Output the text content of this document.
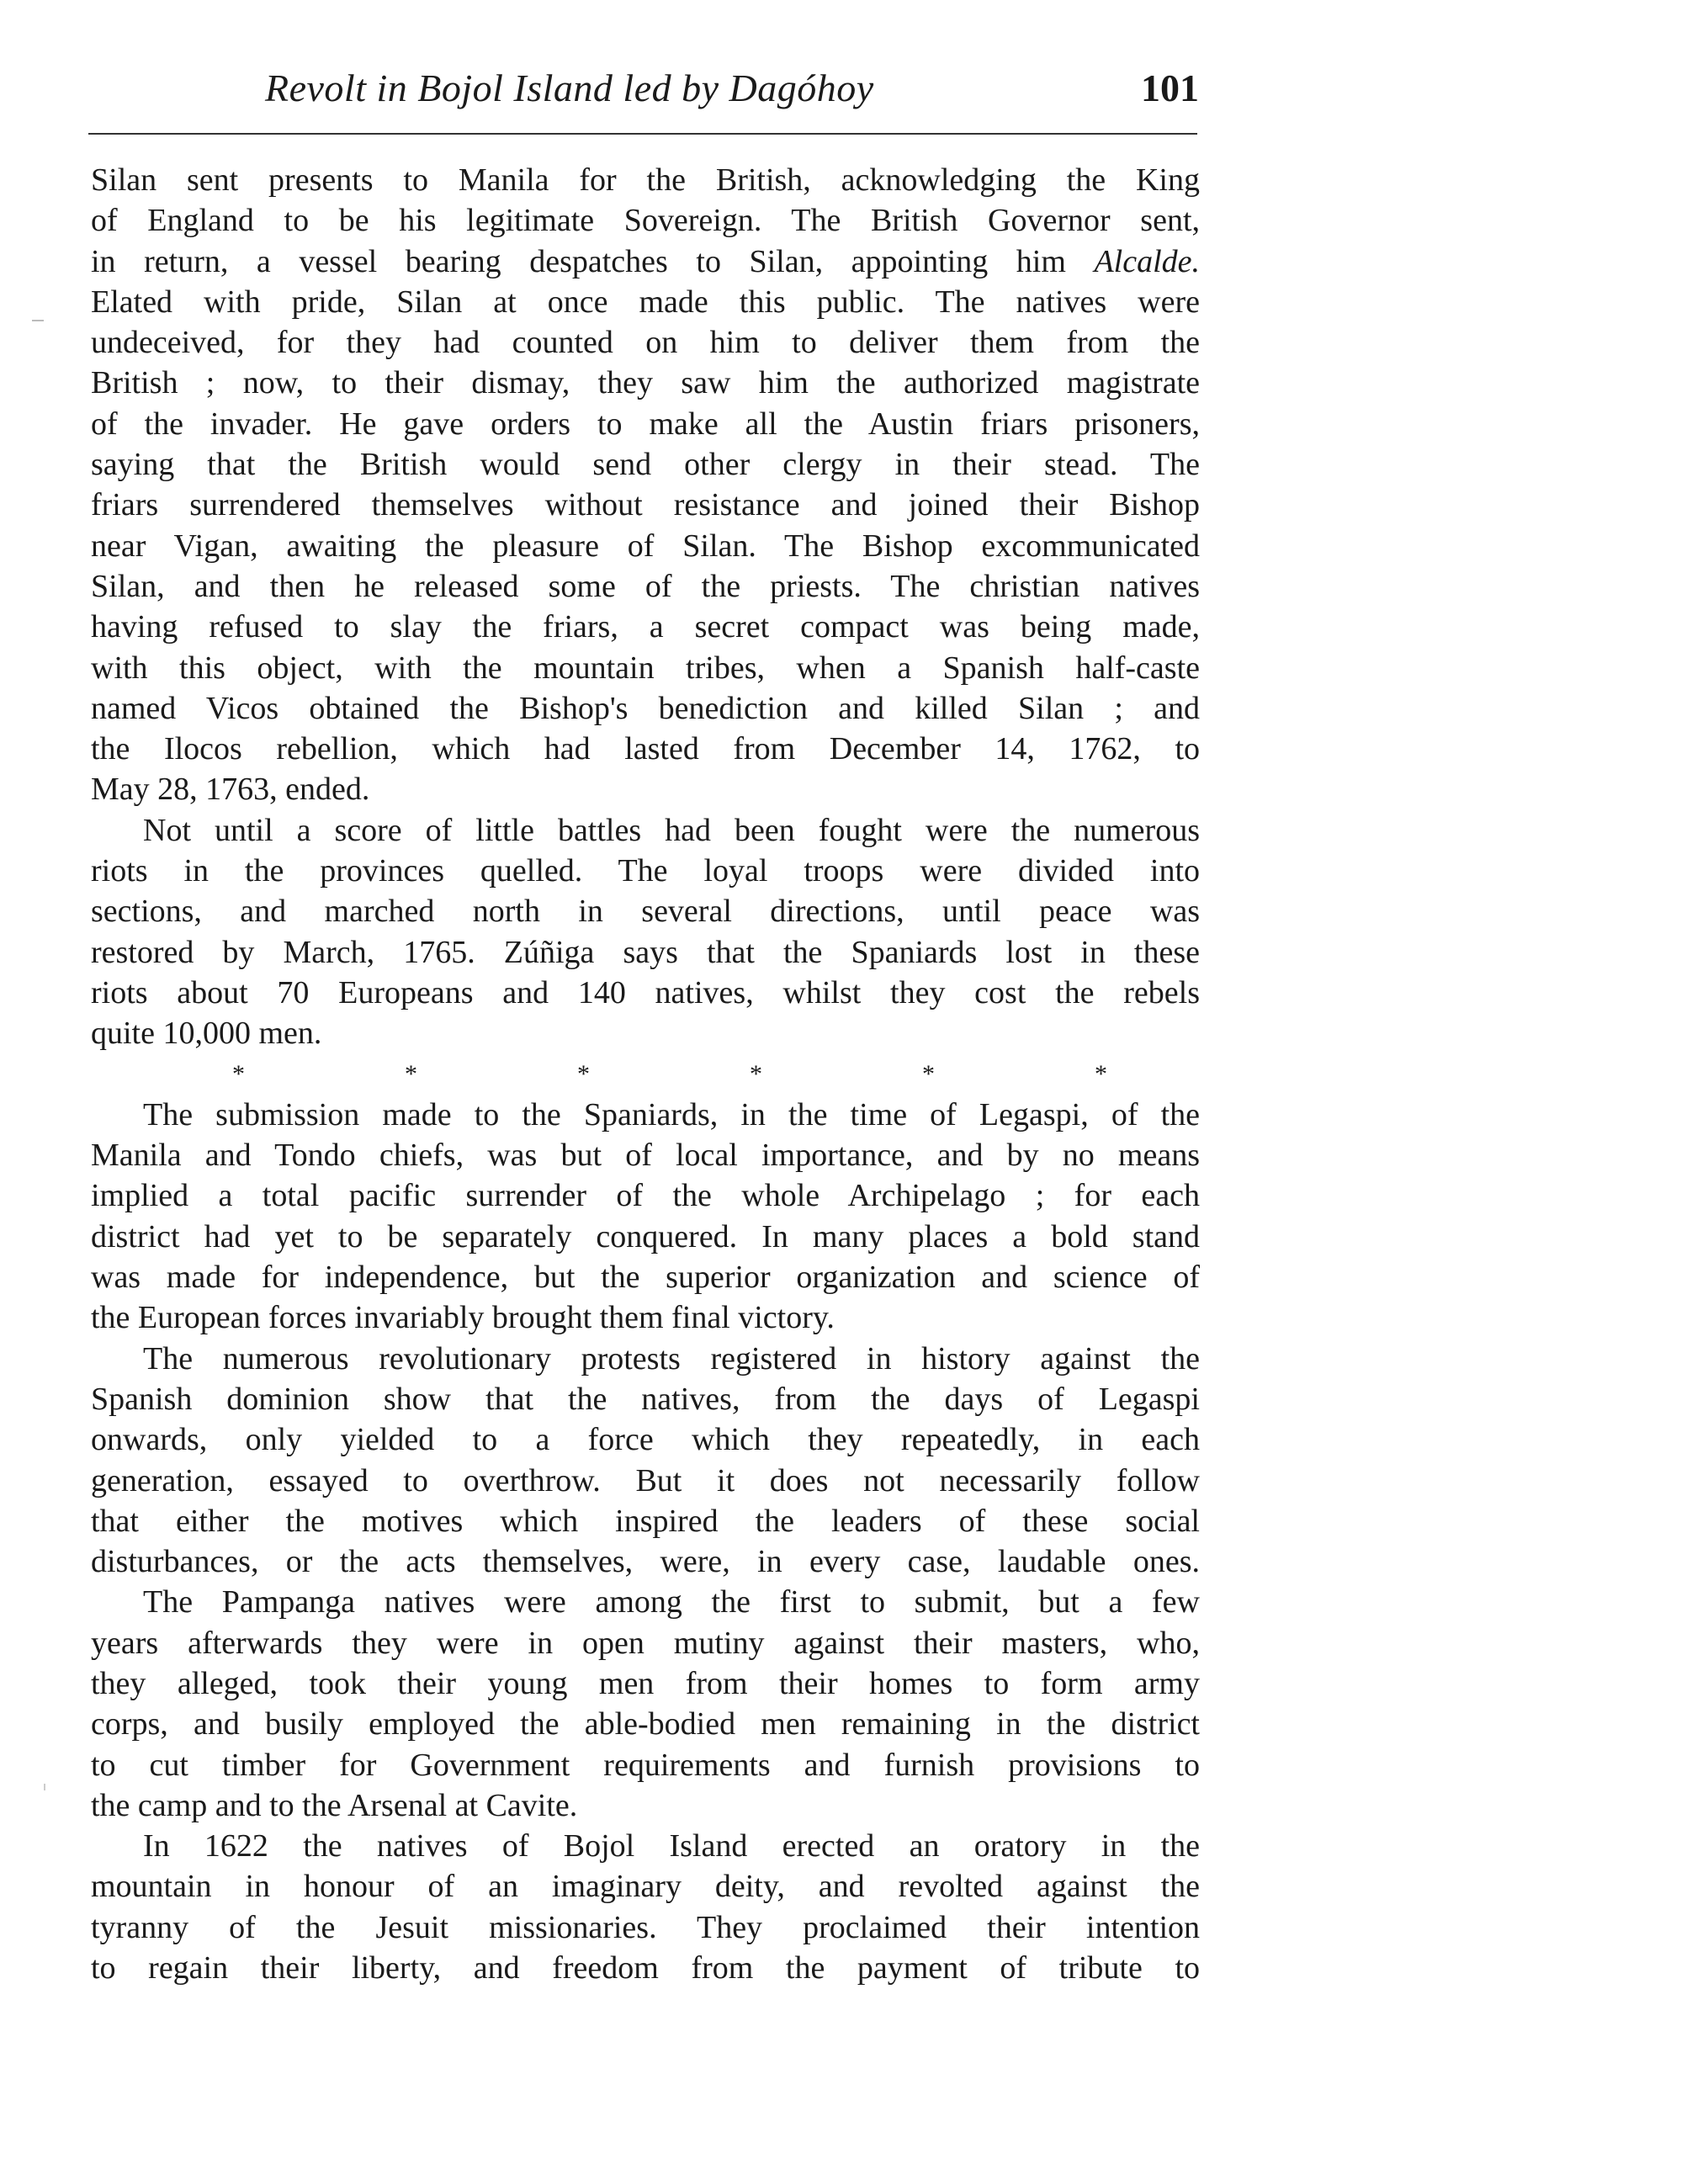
Revolt in Bojol Island led by Dagóhoy	101
Silan sent presents to Manila for the British, acknowledging the King
of England to be his legitimate Sovereign. The British Governor sent,
in return, a vessel bearing despatches to Silan, appointing him Alcalde.
Elated with pride, Silan at once made this public. The natives were
undeceived, for they had counted on him to deliver them from the
British ; now, to their dismay, they saw him the authorized magistrate
of the invader. He gave orders to make all the Austin friars prisoners,
saying that the British would send other clergy in their stead. The
friars surrendered themselves without resistance and joined their Bishop
near Vigan, awaiting the pleasure of Silan. The Bishop excommunicated
Silan, and then he released some of the priests. The christian natives
having refused to slay the friars, a secret compact was being made,
with this object, with the mountain tribes, when a Spanish half-caste
named Vicos obtained the Bishop's benediction and killed Silan ; and
the Ilocos rebellion, which had lasted from December 14, 1762, to
May 28, 1763, ended.
Not until a score of little battles had been fought were the numerous
riots in the provinces quelled. The loyal troops were divided into
sections, and marched north in several directions, until peace was
restored by March, 1765. Zúñiga says that the Spaniards lost in these
riots about 70 Europeans and 140 natives, whilst they cost the rebels
quite 10,000 men.
*	*	*	*	*	*
The submission made to the Spaniards, in the time of Legaspi, of the
Manila and Tondo chiefs, was but of local importance, and by no means
implied a total pacific surrender of the whole Archipelago ; for each
district had yet to be separately conquered. In many places a bold stand
was made for independence, but the superior organization and science of
the European forces invariably brought them final victory.
The numerous revolutionary protests registered in history against the
Spanish dominion show that the natives, from the days of Legaspi
onwards, only yielded to a force which they repeatedly, in each
generation, essayed to overthrow. But it does not necessarily follow
that either the motives which inspired the leaders of these social
disturbances, or the acts themselves, were, in every case, laudable ones.
The Pampanga natives were among the first to submit, but a few
years afterwards they were in open mutiny against their masters, who,
they alleged, took their young men from their homes to form army
corps, and busily employed the able-bodied men remaining in the district
to cut timber for Government requirements and furnish provisions to
the camp and to the Arsenal at Cavite.
In 1622 the natives of Bojol Island erected an oratory in the
mountain in honour of an imaginary deity, and revolted against the
tyranny of the Jesuit missionaries. They proclaimed their intention
to regain their liberty, and freedom from the payment of tribute to
